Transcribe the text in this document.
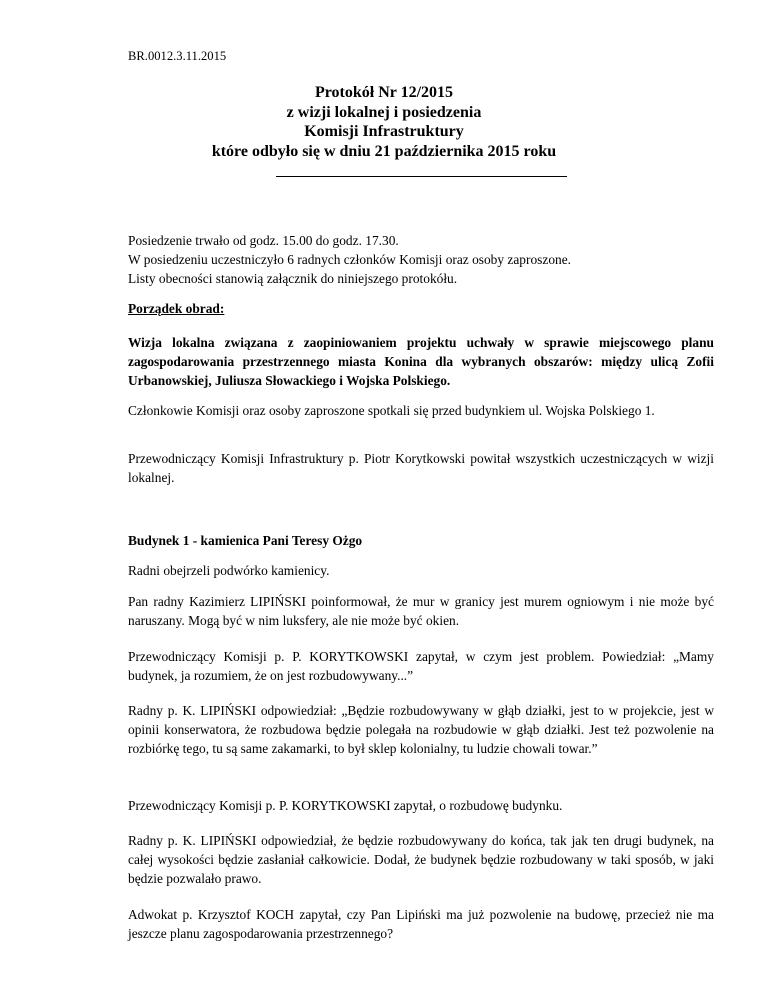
BR.0012.3.11.2015
Protokół Nr 12/2015
z wizji lokalnej i posiedzenia
Komisji Infrastruktury
które odbyło się w dniu 21 października 2015 roku
Posiedzenie trwało od godz. 15.00 do godz. 17.30.
W posiedzeniu uczestniczyło 6 radnych członków Komisji oraz osoby zaproszone.
Listy obecności stanowią załącznik do niniejszego protokółu.
Porządek obrad:

Wizja lokalna związana z zaopiniowaniem projektu uchwały w sprawie miejscowego planu zagospodarowania przestrzennego miasta Konina dla wybranych obszarów: między ulicą Zofii Urbanowskiej, Juliusza Słowackiego i Wojska Polskiego.

Członkowie Komisji oraz osoby zaproszone spotkali się przed budynkiem ul. Wojska Polskiego 1.

Przewodniczący Komisji Infrastruktury p. Piotr Korytkowski powitał wszystkich uczestniczących w wizji lokalnej.

Budynek 1 - kamienica Pani Teresy Ożgo

Radni obejrzeli podwórko kamienicy.

Pan radny Kazimierz LIPIŃSKI poinformował, że mur w granicy jest murem ogniowym i nie może być naruszany. Mogą być w nim luksfery, ale nie może być okien.

Przewodniczący Komisji p. P. KORYTKOWSKI zapytał, w czym jest problem. Powiedział: „Mamy budynek, ja rozumiem, że on jest rozbudowywany...”

Radny p. K. LIPIŃSKI odpowiedział: „Będzie rozbudowywany w głąb działki, jest to w projekcie, jest w opinii konserwatora, że rozbudowa będzie polegała na rozbudowie w głąb działki. Jest też pozwolenie na rozbiórkę tego, tu są same zakamarki, to był sklep kolonialny, tu ludzie chowali towar.”

Przewodniczący Komisji p. P. KORYTKOWSKI zapytał, o rozbudowę budynku.

Radny p. K. LIPIŃSKI odpowiedział, że będzie rozbudowywany do końca, tak jak ten drugi budynek, na całej wysokości będzie zasłaniał całkowicie. Dodał, że budynek będzie rozbudowany w taki sposób, w jaki będzie pozwalało prawo.

Adwokat p. Krzysztof KOCH zapytał, czy Pan Lipiński ma już pozwolenie na budowę, przecież nie ma jeszcze planu zagospodarowania przestrzennego?
